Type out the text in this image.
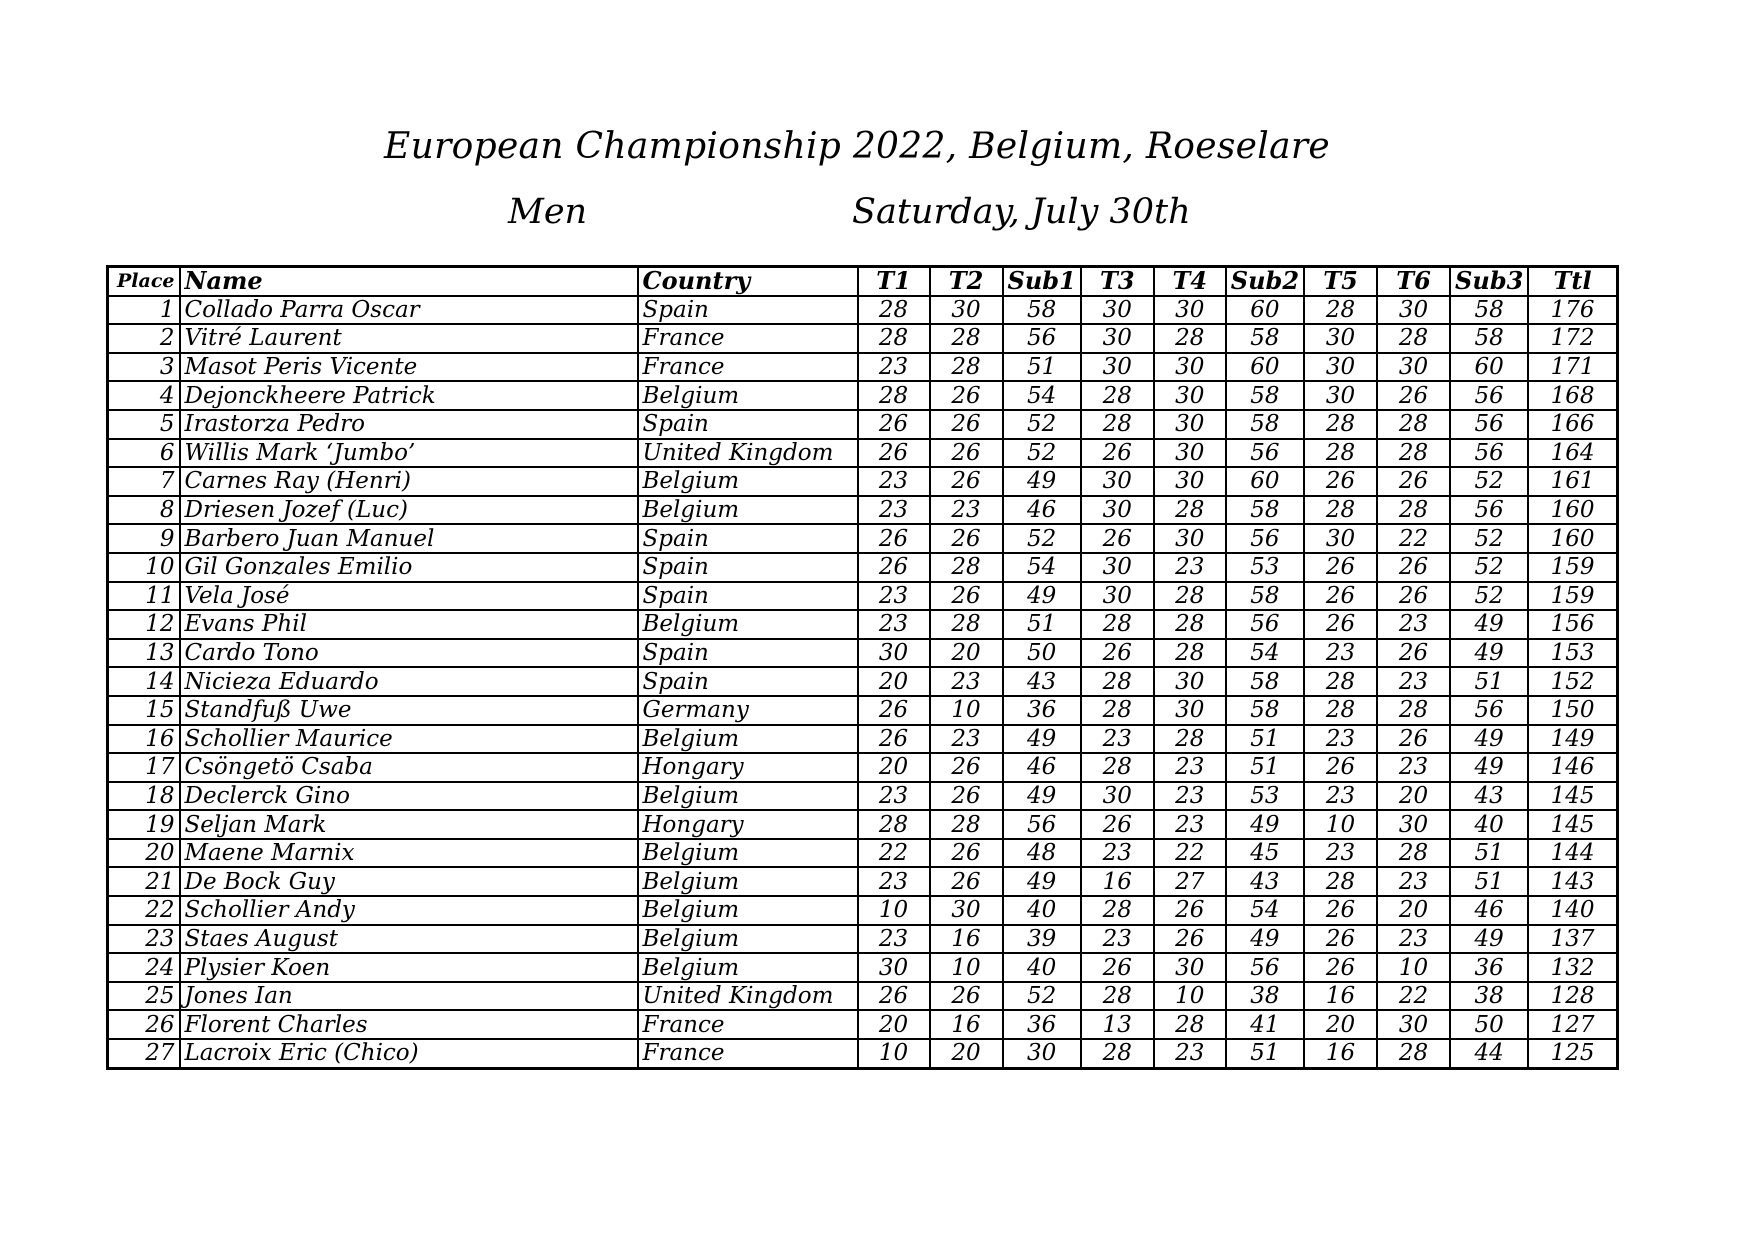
European Championship 2022, Belgium, Roeselare
Men	Saturday, July 30th
Place	Name	Country	T1	T2	Sub1	T3	T4	Sub2	T5	T6	Sub3	Ttl
1	Collado Parra Oscar	Spain	28	30	58	30	30	60	28	30	58	176
2	Vitré Laurent	France	28	28	56	30	28	58	30	28	58	172
3	Masot Peris Vicente	France	23	28	51	30	30	60	30	30	60	171
4	Dejonckheere Patrick	Belgium	28	26	54	28	30	58	30	26	56	168
5	Irastorza Pedro	Spain	26	26	52	28	30	58	28	28	56	166
6	Willis Mark ‘Jumbo’	United Kingdom	26	26	52	26	30	56	28	28	56	164
7	Carnes Ray (Henri)	Belgium	23	26	49	30	30	60	26	26	52	161
8	Driesen Jozef (Luc)	Belgium	23	23	46	30	28	58	28	28	56	160
9	Barbero Juan Manuel	Spain	26	26	52	26	30	56	30	22	52	160
10	Gil Gonzales Emilio	Spain	26	28	54	30	23	53	26	26	52	159
11	Vela José	Spain	23	26	49	30	28	58	26	26	52	159
12	Evans Phil	Belgium	23	28	51	28	28	56	26	23	49	156
13	Cardo Tono	Spain	30	20	50	26	28	54	23	26	49	153
14	Nicieza Eduardo	Spain	20	23	43	28	30	58	28	23	51	152
15	Standfuß Uwe	Germany	26	10	36	28	30	58	28	28	56	150
16	Schollier Maurice	Belgium	26	23	49	23	28	51	23	26	49	149
17	Csöngetö Csaba	Hongary	20	26	46	28	23	51	26	23	49	146
18	Declerck Gino	Belgium	23	26	49	30	23	53	23	20	43	145
19	Seljan Mark	Hongary	28	28	56	26	23	49	10	30	40	145
20	Maene Marnix	Belgium	22	26	48	23	22	45	23	28	51	144
21	De Bock Guy	Belgium	23	26	49	16	27	43	28	23	51	143
22	Schollier Andy	Belgium	10	30	40	28	26	54	26	20	46	140
23	Staes August	Belgium	23	16	39	23	26	49	26	23	49	137
24	Plysier Koen	Belgium	30	10	40	26	30	56	26	10	36	132
25	Jones Ian	United Kingdom	26	26	52	28	10	38	16	22	38	128
26	Florent Charles	France	20	16	36	13	28	41	20	30	50	127
27	Lacroix Eric (Chico)	France	10	20	30	28	23	51	16	28	44	125
